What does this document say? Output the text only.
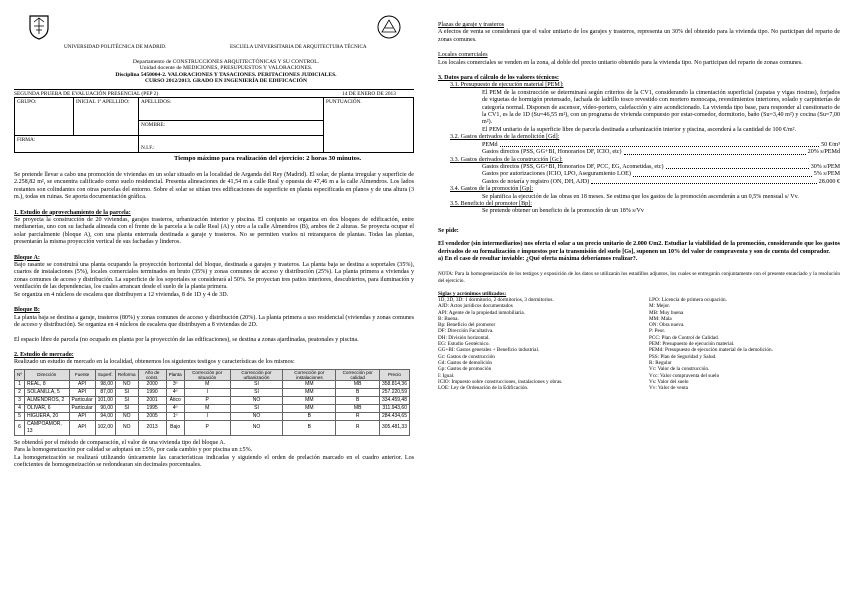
UNIVERSIDAD POLITÉCNICA DE MADRID.	ESCUELA UNIVERSITARIA DE ARQUITECTURA TÉCNICA
Departamento de CONSTRUCCIONES ARQUITECTÓNICAS Y SU CONTROL.
Unidad docente de MEDICIONES, PRESUPUESTOS Y VALORACIONES.
Disciplina 5450004-2. VALORACIONES Y TASACIONES. PERITACIONES JUDICIALES.
CURSO 2012/2013. GRADO EN INGENIERÍA DE EDIFICACIÓN
SEGUNDA PRUEBA DE EVALUACIÓN PRESENCIAL (PEP 2)	14 DE ENERO DE 2013
GRUPO:	INICIAL 1º APELLIDO:	APELLIDOS:	PUNTUACIÓN.
		NOMBRE:	
FIRMA:		N.I.F.:	
Tiempo máximo para realización del ejercicio: 2 horas 30 minutos.

Se pretende llevar a cabo una promoción de viviendas en un solar situado en la localidad de Arganda del Rey (Madrid). El solar, de planta irregular y superficie de 2.258,82 m², se encuentra calificado como suelo residencial. Presenta alineaciones de 41,54 m a calle Real y opuesta de 47,46 m a la calle Almendros. Los lados restantes son colindantes con otras parcelas del entorno. Sobre el solar se sitúan tres edificaciones de superficie en planta especificada en planos y de una altura (3 m.), todas en ruinas. Se aporta documentación gráfica.

1. Estudio de aprovechamiento de la parcela:

Se proyecta la construcción de 20 viviendas, garajes trasteros, urbanización interior y piscina. El conjunto se organiza en dos bloques de edificación, entre medianerías, uno con su fachada alineada con el frente de la parcela a la calle Real (A) y otro a la calle Almendros (B), ambos de 2 alturas. Se proyecta ocupar el solar parcialmente (bloque A), con una planta enterrada destinada a garaje y trasteros. No se permiten vuelos ni retranqueos de plantas. Todas las plantas, presentarán la misma proyección vertical de sus fachadas y linderos.

Bloque A:

Bajo rasante se construirá una planta ocupando la proyección horizontal del bloque, destinada a garajes y trasteros. La planta baja se destina a soportales (35%), cuartos de instalaciones (5%), locales comerciales terminados en bruto (35%) y zonas comunes de acceso y distribución (25%). La planta primera a viviendas y zonas comunes de acceso y distribución. La superficie de los soportales se considerará al 50%. Se proyectan tres patios interiores, descubiertos, para iluminación y ventilación de las dependencias, los cuales arrancan desde el suelo de la planta primera.

Se organiza en 4 núcleos de escalera que distribuyen a 12 viviendas, 8 de 1D y 4 de 3D.

Bloque B:

La planta baja se destina a garaje, trasteros (80%) y zonas comunes de acceso y distribución (20%). La planta primera a uso residencial (viviendas y zonas comunes de acceso y distribución). Se organiza en 4 núcleos de escalera que distribuyen a 8 viviendas de 2D.

El espacio libre de parcela (no ocupado en planta por la proyección de las edificaciones), se destina a zonas ajardinadas, peatonales y piscina.

2. Estudio de mercado:

Realizado un estudio de mercado en la localidad, obtenemos los siguientes testigos y características de los mismos:

Nº	Dirección	Fuente	Superf.	Reforma	Año de const.	Planta	Corrección por situación	Corrección por urbanización	Corrección por instalaciones	Corrección por calidad	Precio
1	REAL, 8	API	98,00	NO	2000	3º	M	SI	MM	MB	358.814,36
2	SOLANILLA, 5	API	87,00	SI	1990	4º	I	SI	MM	B	257.220,59
3	ALMENDROS, 2	Particular	101,00	SI	2001	Ático	P	NO	MM	B	334.459,48
4	OLIVAR, 6	Particular	90,00	SI	1995	4º	M	SI	MM	MB	311.943,60
5	HIGUERA, 20	API	94,00	NO	2005	1º	I	NO	B	R	284.434,65
6	CAMPOAMOR, 13	API	102,00	NO	2013	Bajo	P	NO	B	R	305.481,33

Se obtendrá por el método de comparación, el valor de una vivienda tipo del bloque A.

Para la homogeneización por calidad se adoptará un ±5%, por cada cambio y por piscina un ±5%.

La homogeneización se realizará utilizando únicamente las características indicadas y siguiendo el orden de prelación marcado en el cuadro anterior. Los coeficientes de homogeneización se redondearan sin decimales porcentuales.

Plazas de garaje y trasteros

A efectos de venta se considerará que el valor unitario de los garajes y trasteros, representa un 30% del obtenido para la vivienda tipo. No participan del reparto de zonas comunes.

Locales comerciales

Los locales comerciales se venden en la zona, al doble del precio unitario obtenido para la vivienda tipo. No participan del reparto de zonas comunes.

3. Datos para el cálculo de los valores técnicos:

3.1. Presupuesto de ejecución material [PEM]:

El PEM de la construcción se determinará según criterios de la CV1, considerando la cimentación superficial (zapatas y vigas riostras), forjados de viguetas de hormigón pretensado, fachada de ladrillo tosco revestido con mortero monocapa, revestimientos interiores, solado y carpinterías de categoría normal. Disponen de ascensor, vídeo-portero, calefacción y aire acondicionado. La vivienda tipo base, para responder al cuestionario de la CV1, es la de 1D (Su=46,55 m²), con un programa de vivienda compuesto por estar-comedor, dormitorio, baño (Su=3,40 m²) y cocina (Su=7,00 m²).

El PEM unitario de la superficie libre de parcela destinada a urbanización interior y piscina, ascenderá a la cantidad de 100 €/m².

3.2. Gastos derivados de la demolición [Gd]:

PEMd	50 €/m³
Gastos directos (PSS, GG+BI, Honorarios DF, ICIO, etc)	20% s/PEMd

3.3. Gastos derivados de la construcción [Gc]:

Gastos directos (PSS, GG+BI, Honorarios DF, PCC, EG, Acometidas, etc)	30% s/PEM
Gastos por autorizaciones (ICIO, LPO, Aseguramiento LOE)	5% s/PEM
Gastos de notaría y registro (ON, DH, AJD)	28.000 €

3.4. Gastos de la promoción [Gp]:

Se planifica la ejecución de las obras en 18 meses. Se estima que los gastos de la promoción ascenderán a un 0,5% mensual s/ Vv.

3.5. Beneficio del promotor [Bp]:

Se pretende obtener un beneficio de la promoción de un 18% s/Vv

Se pide:

El vendedor (sin intermediarios) nos oferta el solar a un precio unitario de 2.000 €/m2. Estudiar la viabilidad de la promoción, considerando que los gastos derivados de su formalización e impuestos por la transmisión del suelo [Gs], suponen un 10% del valor de compraventa y son de cuenta del comprador.

a) En el caso de resultar inviable: ¿Qué oferta máxima deberíamos realizar?.

NOTA: Para la homogeneización de los testigos y exposición de los datos se utilizarán los estadillos adjuntos, los cuales se entregarán conjuntamente con el presente enunciado y la resolución del ejercicio.

Siglas y acrónimos utilizados:

1D, 2D, 3D: 1 dormitorio, 2 dormitorios, 3 dormitorios.
AJD: Actos jurídicos documentados
API: Agente de la propiedad inmobiliaria.
B: Buena.
Bp: Beneficio del promotor
DF: Dirección Facultativa.
DH: División horizontal.
EG: Estudio Geotécnico.
GG+BI: Gastos generales + Beneficio industrial.
Gc: Gastos de construcción
Gd: Gastos de demolición
Gp: Gastos de promoción
I: Igual.
ICIO: Impuesto sobre construcciones, instalaciones y obras.
LOE: Ley de Ordenación de la Edificación.
LPO: Licencia de primera ocupación.
M: Mejor.
MB: Muy buena
MM: Mala
ON: Obra nueva.
P: Peor.
PCC: Plan de Control de Calidad.
PEM: Presupuesto de ejecución material.
PEMd: Presupuesto de ejecución material de la demolición.
PSS: Plan de Seguridad y Salud.
R: Regular
Vc: Valor de la construcción.
Vcc: Valor compraventa del suelo
Vs: Valor del suelo
Vv: Valor de venta
